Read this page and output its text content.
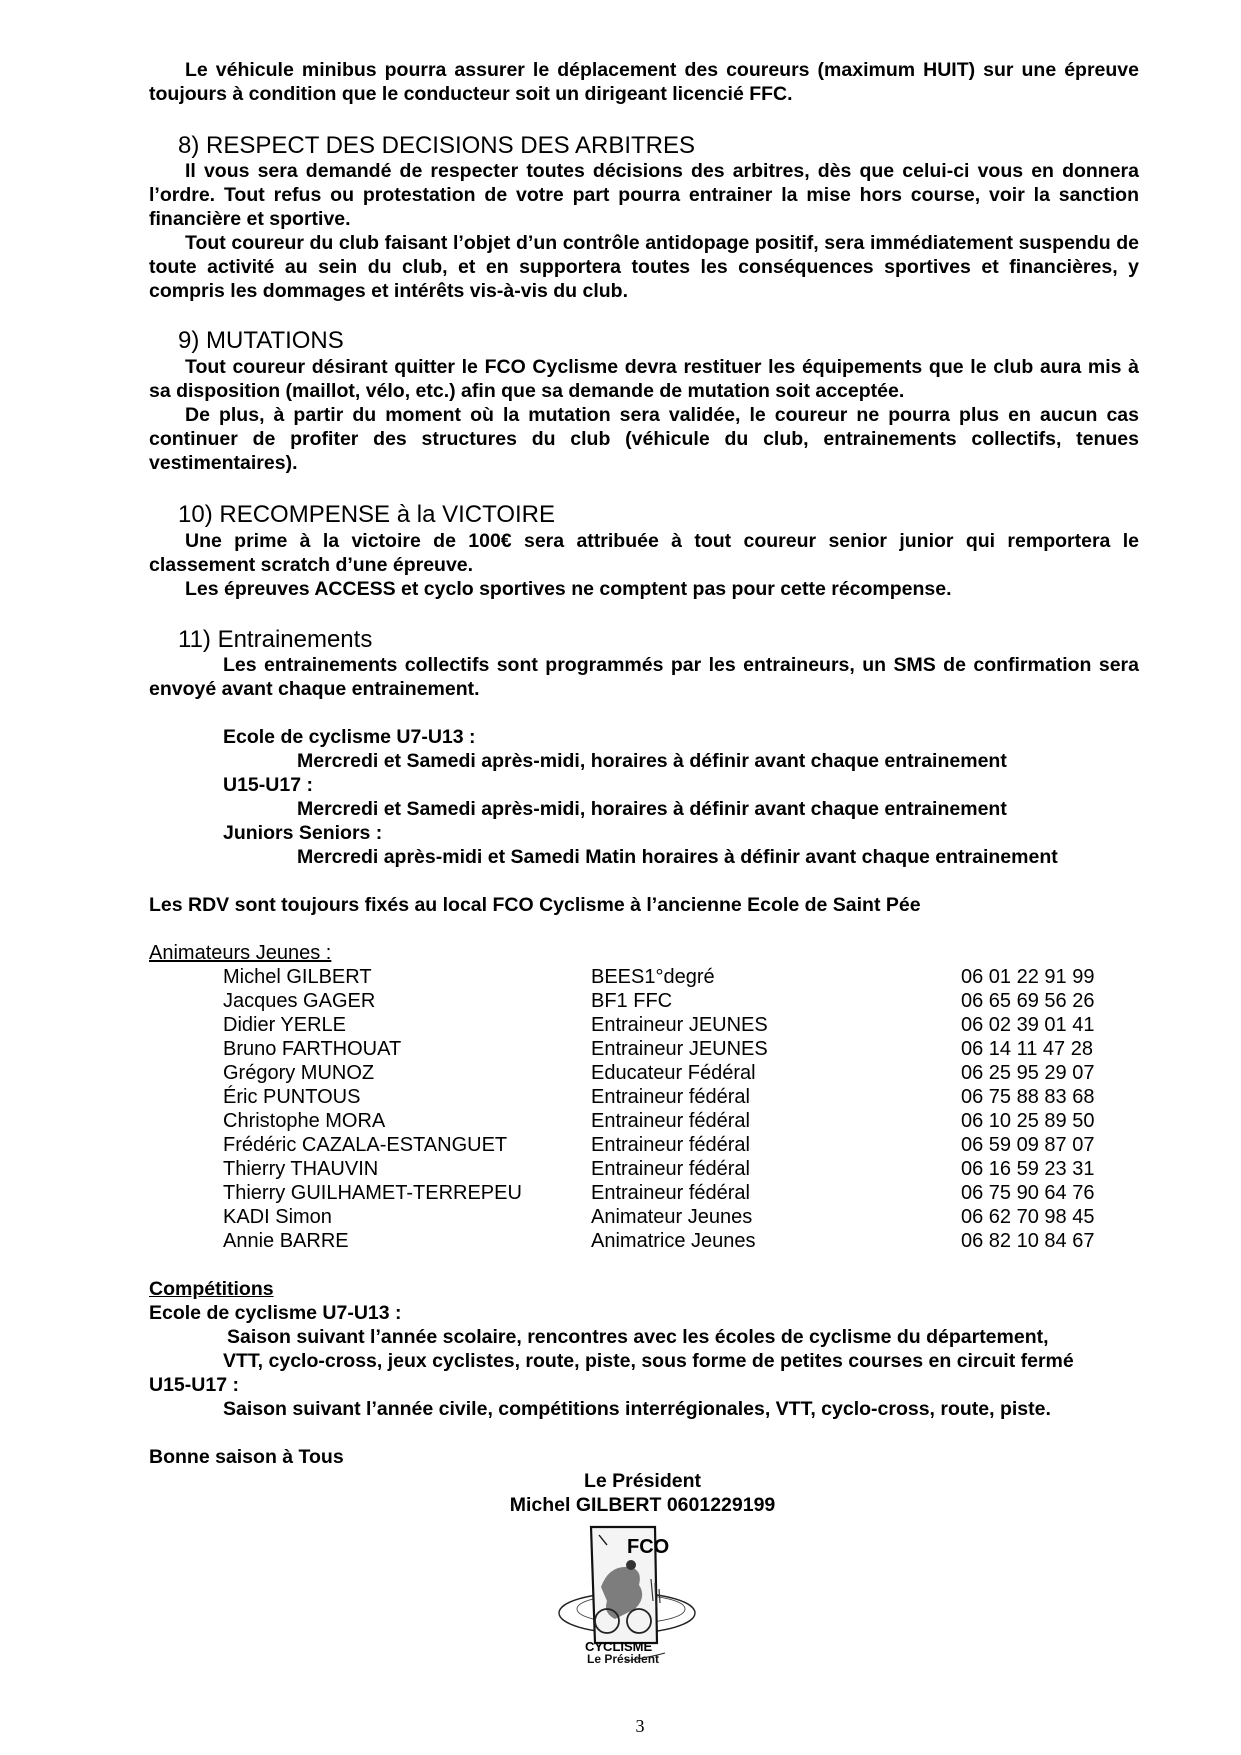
Le véhicule minibus pourra assurer le déplacement des coureurs (maximum HUIT) sur une épreuve toujours à condition que le conducteur soit un dirigeant licencié FFC.
8) RESPECT DES DECISIONS DES ARBITRES
Il vous sera demandé de respecter toutes décisions des arbitres, dès que celui-ci vous en donnera l’ordre. Tout refus ou protestation de votre part pourra entrainer la mise hors course, voir la sanction financière et sportive.
Tout coureur du club faisant l’objet d’un contrôle antidopage positif, sera immédiatement suspendu de toute activité au sein du club, et en supportera toutes les conséquences sportives et financières, y compris les dommages et intérêts vis-à-vis du club.
9) MUTATIONS
Tout coureur désirant quitter le FCO Cyclisme devra restituer les équipements que le club aura mis à sa disposition (maillot, vélo, etc.) afin que sa demande de mutation soit acceptée.
De plus, à partir du moment où la mutation sera validée, le coureur ne pourra plus en aucun cas continuer de profiter des structures du club (véhicule du club, entrainements collectifs, tenues vestimentaires).
10) RECOMPENSE à la VICTOIRE
Une prime à la victoire de 100€ sera attribuée à tout coureur senior junior qui remportera le classement scratch d’une épreuve.
Les épreuves ACCESS et cyclo sportives ne comptent pas pour cette récompense.
11) Entrainements
Les entrainements collectifs sont programmés par les entraineurs, un SMS de confirmation sera envoyé avant chaque entrainement.
Ecole de cyclisme U7-U13 :
Mercredi et Samedi après-midi, horaires à définir avant chaque entrainement
U15-U17 :
Mercredi et Samedi après-midi, horaires à définir avant chaque entrainement
Juniors Seniors :
Mercredi après-midi et Samedi Matin horaires à définir avant chaque entrainement
Les RDV sont toujours fixés au local FCO Cyclisme à l’ancienne Ecole de Saint Pée
Animateurs Jeunes :
Michel GILBERT	BEES1°degré	06 01 22 91 99
Jacques GAGER	BF1 FFC	06 65 69 56 26
Didier YERLE	Entraineur JEUNES	06 02 39 01 41
Bruno FARTHOUAT	Entraineur JEUNES	06 14 11 47 28
Grégory MUNOZ	Educateur Fédéral	06 25 95 29 07
Éric PUNTOUS	Entraineur fédéral	06 75 88 83 68
Christophe MORA	Entraineur fédéral	06 10 25 89 50
Frédéric CAZALA-ESTANGUET	Entraineur fédéral	06 59 09 87 07
Thierry THAUVIN	Entraineur fédéral	06 16 59 23 31
Thierry GUILHAMET-TERREPEU	Entraineur fédéral	06 75 90 64 76
KADI Simon	Animateur Jeunes	06 62 70 98 45
Annie BARRE	Animatrice Jeunes	06 82 10 84 67
Compétitions
Ecole de cyclisme U7-U13 :
Saison suivant l’année scolaire, rencontres avec les écoles de cyclisme du département,
VTT, cyclo-cross, jeux cyclistes, route, piste, sous forme de petites courses en circuit fermé
U15-U17 :
Saison suivant l’année civile, compétitions interrégionales, VTT, cyclo-cross, route, piste.
Bonne saison à Tous
Le Président
Michel GILBERT 0601229199
FCO
CYCLISME
Le Président
3
